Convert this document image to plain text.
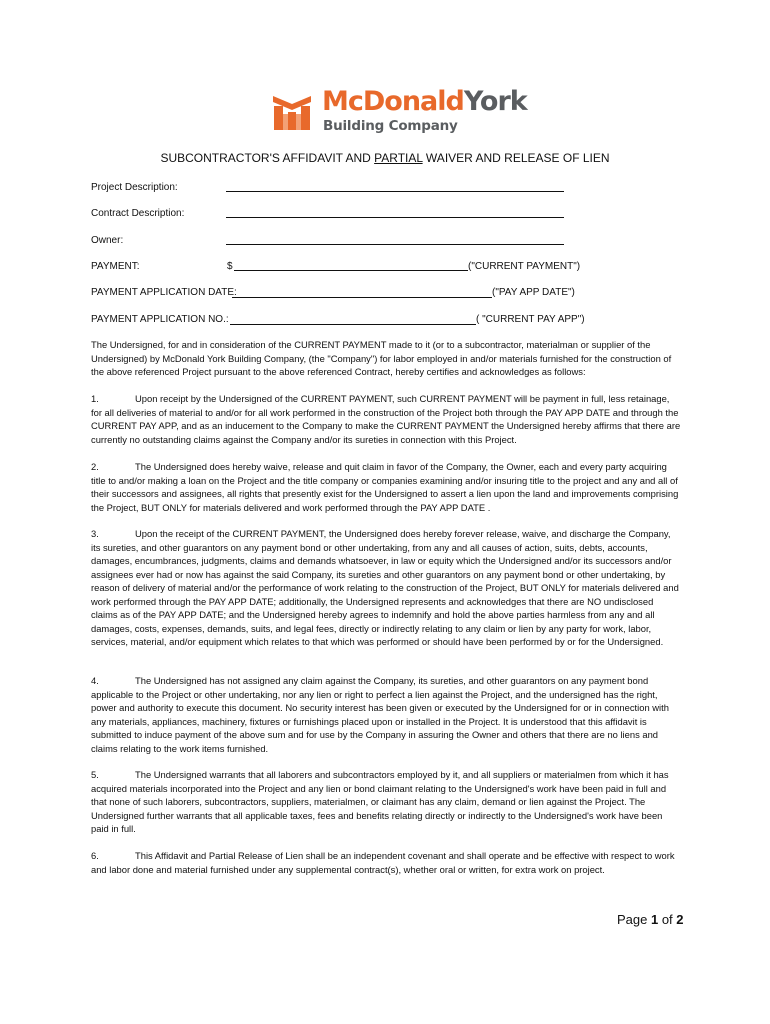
McDonaldYork
Building Company
SUBCONTRACTOR'S AFFIDAVIT AND PARTIAL WAIVER AND RELEASE OF LIEN
Project Description:
Contract Description:
Owner:
PAYMENT:	$	("CURRENT PAYMENT")
PAYMENT APPLICATION DATE:	("PAY APP DATE")
PAYMENT APPLICATION NO.:	( "CURRENT PAY APP")
The Undersigned, for and in consideration of the CURRENT PAYMENT made to it (or to a subcontractor, materialman or supplier of the Undersigned) by McDonald York Building Company, (the "Company") for labor employed in and/or materials furnished for the construction of the above referenced Project pursuant to the above referenced Contract, hereby certifies and acknowledges as follows:
1.	Upon receipt by the Undersigned of the CURRENT PAYMENT, such CURRENT PAYMENT will be payment in full, less retainage, for all deliveries of material to and/or for all work performed in the construction of the Project both through the PAY APP DATE and through the CURRENT PAY APP, and as an inducement to the Company to make the CURRENT PAYMENT the Undersigned hereby affirms that there are currently no outstanding claims against the Company and/or its sureties in connection with this Project.
2.	The Undersigned does hereby waive, release and quit claim in favor of the Company, the Owner, each and every party acquiring title to and/or making a loan on the Project and the title company or companies examining and/or insuring title to the project and any and all of their successors and assignees, all rights that presently exist for the Undersigned to assert a lien upon the land and improvements comprising the Project, BUT ONLY for materials delivered and work performed through the PAY APP DATE .
3.	Upon the receipt of the CURRENT PAYMENT, the Undersigned does hereby forever release, waive, and discharge the Company, its sureties, and other guarantors on any payment bond or other undertaking, from any and all causes of action, suits, debts, accounts, damages, encumbrances, judgments, claims and demands whatsoever, in law or equity which the Undersigned and/or its successors and/or assignees ever had or now has against the said Company, its sureties and other guarantors on any payment bond or other undertaking, by reason of delivery of material and/or the performance of work relating to the construction of the Project, BUT ONLY for materials delivered and work performed through the PAY APP DATE; additionally, the Undersigned represents and acknowledges that there are NO undisclosed claims as of the PAY APP DATE; and the Undersigned hereby agrees to indemnify and hold the above parties harmless from any and all damages, costs, expenses, demands, suits, and legal fees, directly or indirectly relating to any claim or lien by any party for work, labor, services, material, and/or equipment which relates to that which was performed or should have been performed by or for the Undersigned.
4.	The Undersigned has not assigned any claim against the Company, its sureties, and other guarantors on any payment bond applicable to the Project or other undertaking, nor any lien or right to perfect a lien against the Project, and the undersigned has the right, power and authority to execute this document. No security interest has been given or executed by the Undersigned for or in connection with any materials, appliances, machinery, fixtures or furnishings placed upon or installed in the Project. It is understood that this affidavit is submitted to induce payment of the above sum and for use by the Company in assuring the Owner and others that there are no liens and claims relating to the work items furnished.
5.	The Undersigned warrants that all laborers and subcontractors employed by it, and all suppliers or materialmen from which it has acquired materials incorporated into the Project and any lien or bond claimant relating to the Undersigned's work have been paid in full and that none of such laborers, subcontractors, suppliers, materialmen, or claimant has any claim, demand or lien against the Project. The Undersigned further warrants that all applicable taxes, fees and benefits relating directly or indirectly to the Undersigned's work have been paid in full.
6.	This Affidavit and Partial Release of Lien shall be an independent covenant and shall operate and be effective with respect to work and labor done and material furnished under any supplemental contract(s), whether oral or written, for extra work on project.
Page 1 of 2
